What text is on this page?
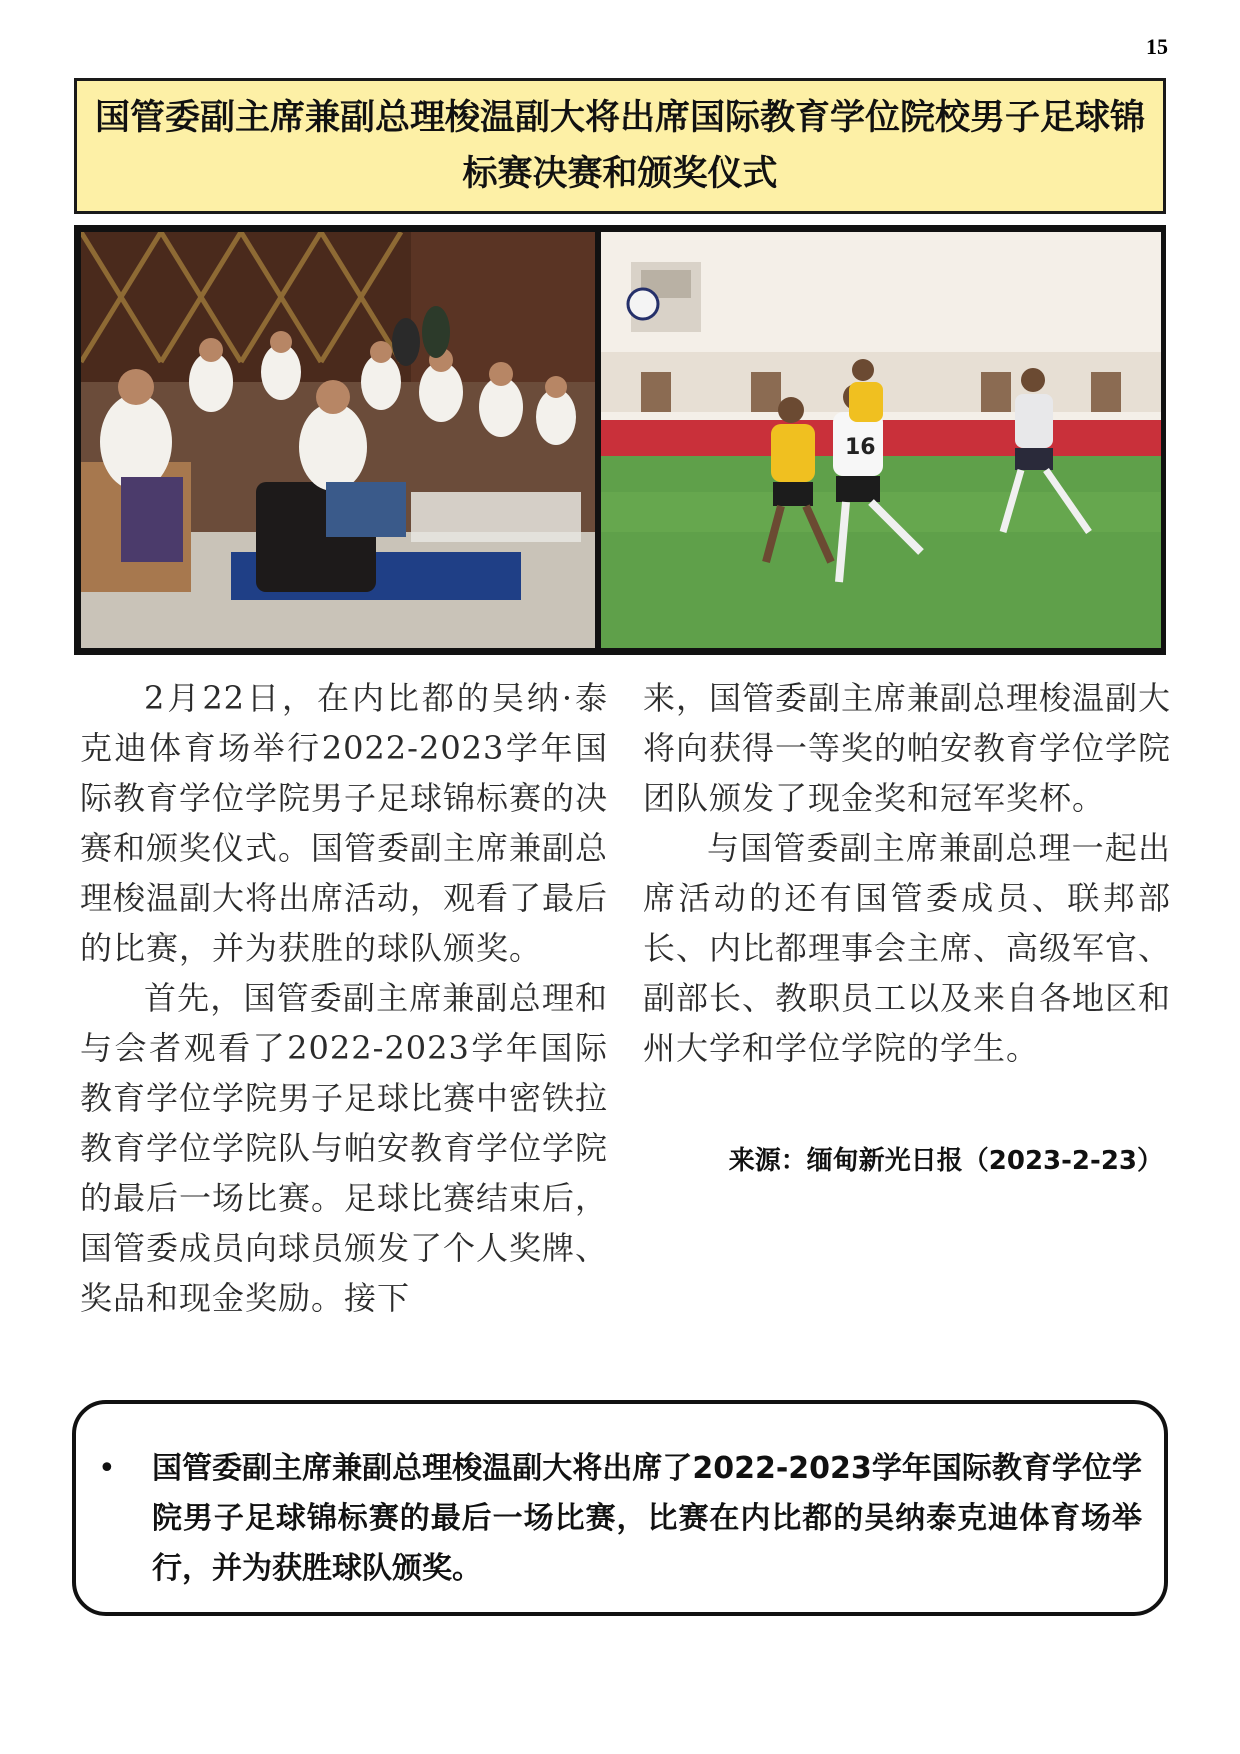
15
国管委副主席兼副总理梭温副大将出席国际教育学位院校男子足球锦标赛决赛和颁奖仪式
16

2月22日，在内比都的吴纳·泰克迪体育场举行2022-2023学年国际教育学位学院男子足球锦标赛的决赛和颁奖仪式。国管委副主席兼副总理梭温副大将出席活动，观看了最后的比赛，并为获胜的球队颁奖。

首先，国管委副主席兼副总理和与会者观看了2022-2023学年国际教育学位学院男子足球比赛中密铁拉教育学位学院队与帕安教育学位学院的最后一场比赛。足球比赛结束后，国管委成员向球员颁发了个人奖牌、奖品和现金奖励。接下

来，国管委副主席兼副总理梭温副大将向获得一等奖的帕安教育学位学院团队颁发了现金奖和冠军奖杯。

与国管委副主席兼副总理一起出席活动的还有国管委成员、联邦部长、内比都理事会主席、高级军官、副部长、教职员工以及来自各地区和州大学和学位学院的学生。

来源：缅甸新光日报（2023-2-23）
•	国管委副主席兼副总理梭温副大将出席了2022-2023学年国际教育学位学院男子足球锦标赛的最后一场比赛，比赛在内比都的吴纳泰克迪体育场举行，并为获胜球队颁奖。
